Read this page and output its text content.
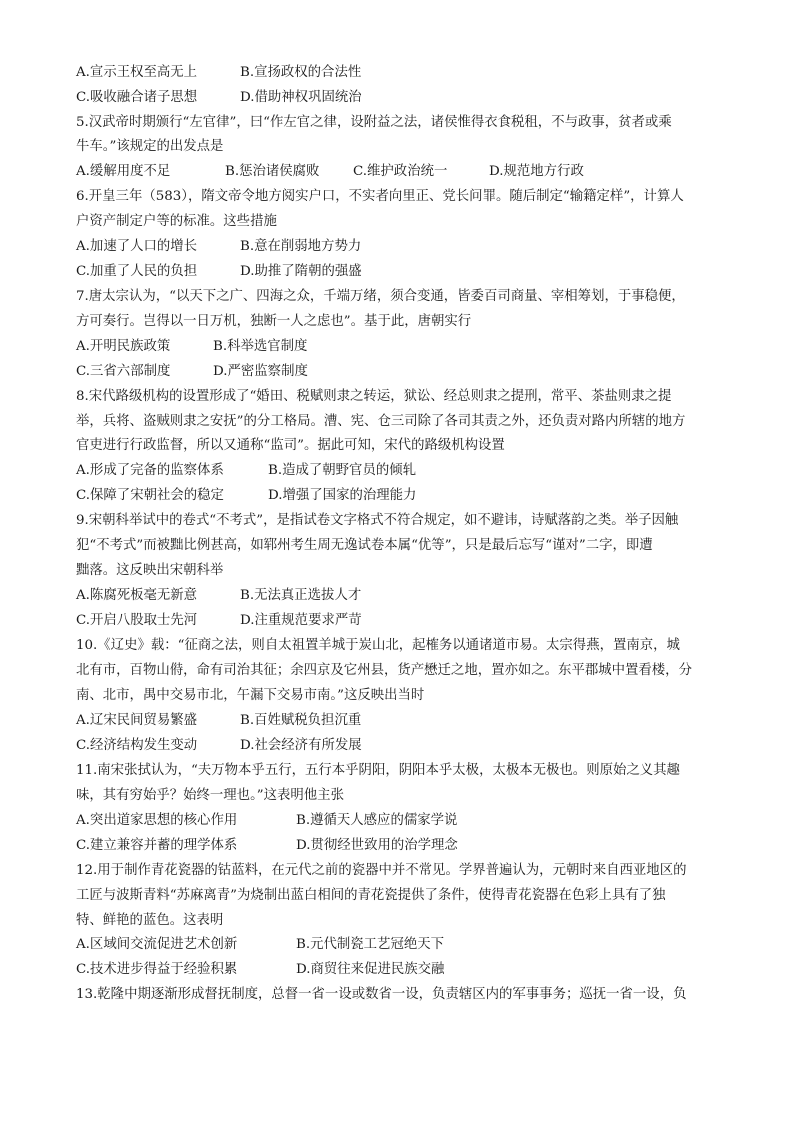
A.宣示王权至高无上	B.宣扬政权的合法性
C.吸收融合诸子思想	D.借助神权巩固统治
5.汉武帝时期颁行“左官律”，曰“作左官之律，设附益之法，诸侯惟得衣食税租，不与政事，贫者或乘
牛车。”该规定的出发点是
A.缓解用度不足	B.惩治诸侯腐败	C.维护政治统一	D.规范地方行政
6.开皇三年（583），隋文帝令地方阅实户口，不实者向里正、党长问罪。随后制定“输籍定样”，计算人
户资产制定户等的标准。这些措施
A.加速了人口的增长	B.意在削弱地方势力
C.加重了人民的负担	D.助推了隋朝的强盛
7.唐太宗认为，“以天下之广、四海之众，千端万绪，须合变通，皆委百司商量、宰相筹划，于事稳便，
方可奏行。岂得以一日万机，独断一人之虑也”。基于此，唐朝实行
A.开明民族政策	B.科举选官制度
C.三省六部制度	D.严密监察制度
8.宋代路级机构的设置形成了“婚田、税赋则隶之转运，狱讼、经总则隶之提刑，常平、茶盐则隶之提
举，兵将、盗贼则隶之安抚”的分工格局。漕、宪、仓三司除了各司其责之外，还负责对路内所辖的地方
官吏进行行政监督，所以又通称“监司”。据此可知，宋代的路级机构设置
A.形成了完备的监察体系	B.造成了朝野官员的倾轧
C.保障了宋朝社会的稳定	D.增强了国家的治理能力
9.宋朝科举试中的卷式“不考式”，是指试卷文字格式不符合规定，如不避讳，诗赋落韵之类。举子因触
犯“不考式”而被黜比例甚高，如郓州考生周无逸试卷本属“优等”，只是最后忘写“谨对”二字，即遭
黜落。这反映出宋朝科举
A.陈腐死板毫无新意	B.无法真正选拔人才
C.开启八股取士先河	D.注重规范要求严苛
10.《辽史》载：“征商之法，则自太祖置羊城于炭山北，起榷务以通诸道市易。太宗得燕，置南京，城
北有市，百物山偫，命有司治其征；余四京及它州县，货产懋迁之地，置亦如之。东平郡城中置看楼，分
南、北市，禺中交易市北，午漏下交易市南。”这反映出当时
A.辽宋民间贸易繁盛	B.百姓赋税负担沉重
C.经济结构发生变动	D.社会经济有所发展
11.南宋张拭认为，“夫万物本乎五行，五行本乎阴阳，阴阳本乎太极，太极本无极也。则原始之义其趣
味，其有穷始乎？始终一理也。”这表明他主张
A.突出道家思想的核心作用	B.遵循天人感应的儒家学说
C.建立兼容并蓄的理学体系	D.贯彻经世致用的治学理念
12.用于制作青花瓷器的钴蓝料，在元代之前的瓷器中并不常见。学界普遍认为，元朝时来自西亚地区的
工匠与波斯青料“苏麻离青”为烧制出蓝白相间的青花瓷提供了条件，使得青花瓷器在色彩上具有了独
特、鲜艳的蓝色。这表明
A.区域间交流促进艺术创新	B.元代制瓷工艺冠绝天下
C.技术进步得益于经验积累	D.商贸往来促进民族交融
13.乾隆中期逐渐形成督抚制度，总督一省一设或数省一设，负责辖区内的军事事务；巡抚一省一设，负
